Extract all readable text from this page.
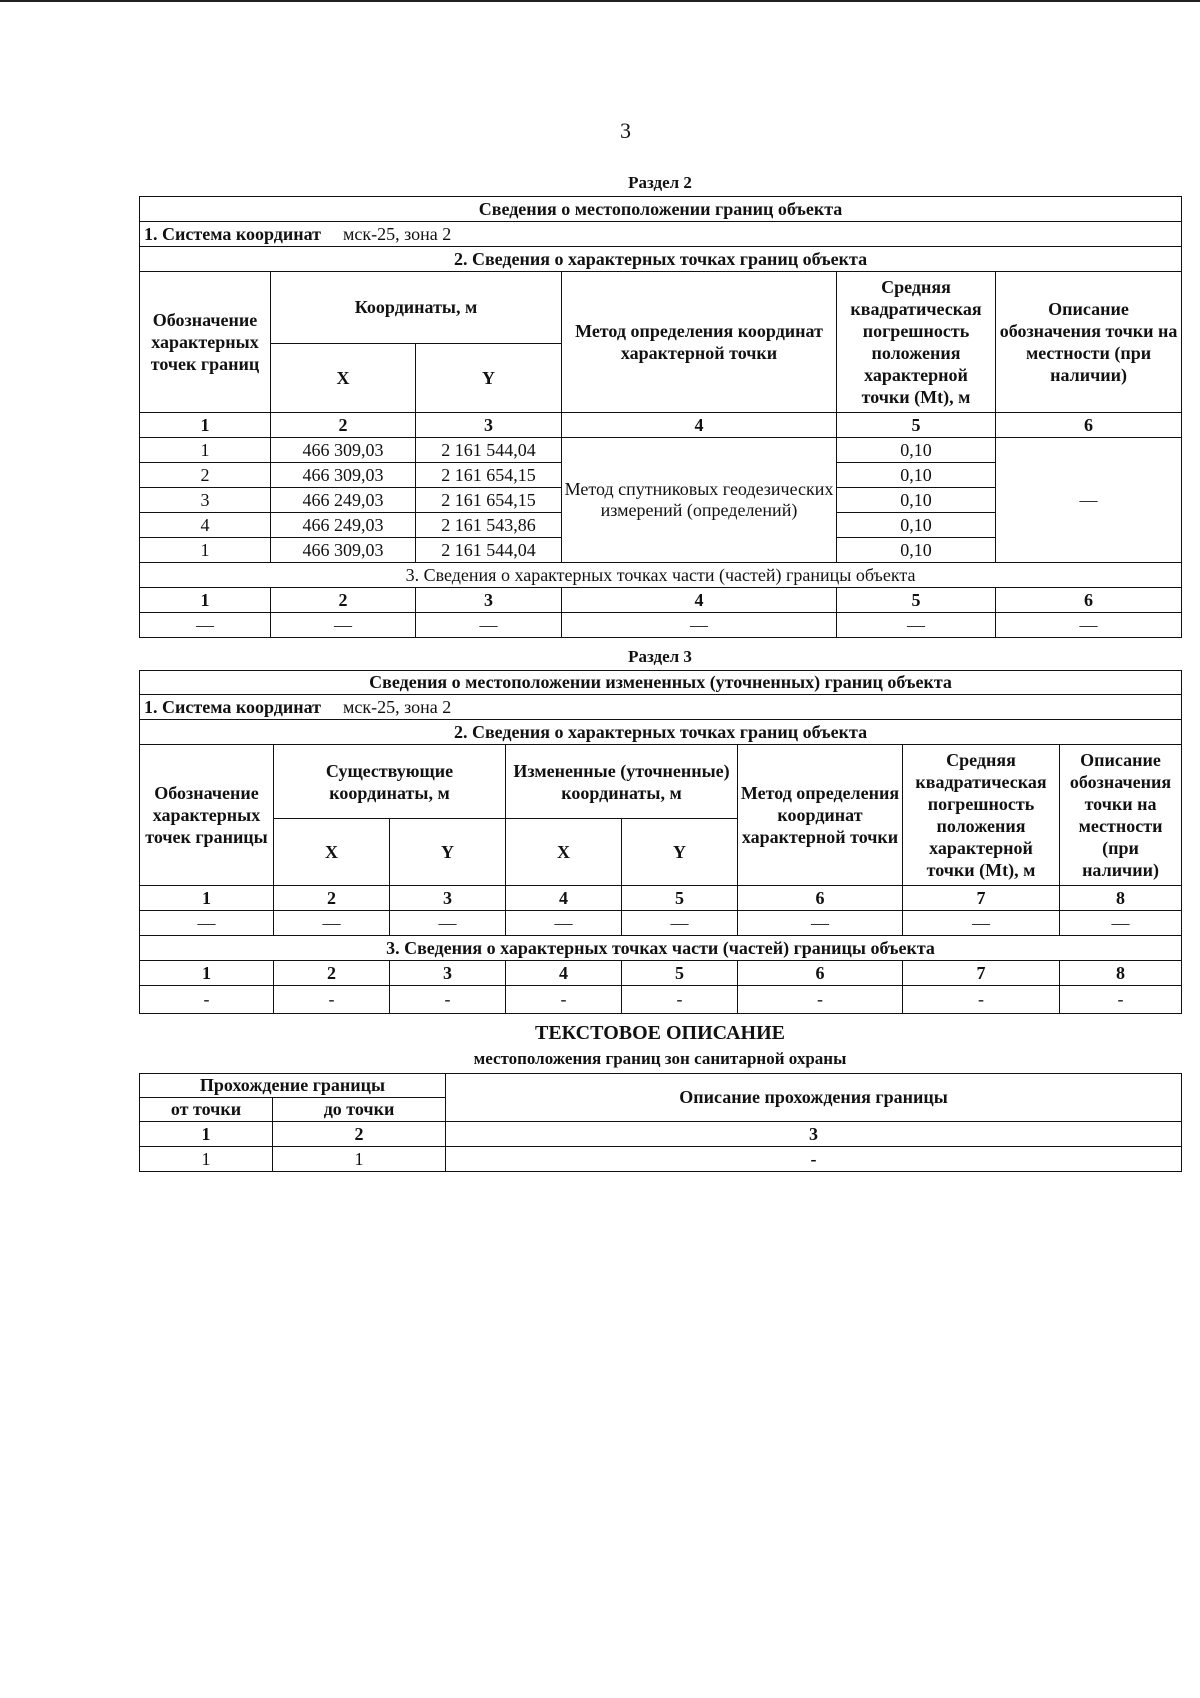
3
Раздел 2
Сведения о местоположении границ объекта					
1. Система координат мск-25, зона 2					
2. Сведения о характерных точках границ объекта					
Обозначение характерных точек границ	Координаты, м		Метод определения координат характерной точки	Средняя квадратическая погрешность положения характерной точки (Mt), м	Описание обозначения точки на местности (при наличии)
	X	Y			
1	2	3	4	5	6
1	466 309,03	2 161 544,04	Метод спутниковых геодезических измерений (определений)	0,10	—
2	466 309,03	2 161 654,15		0,10	
3	466 249,03	2 161 654,15		0,10	
4	466 249,03	2 161 543,86		0,10	
1	466 309,03	2 161 544,04		0,10	
3. Сведения о характерных точках части (частей) границы объекта					
1	2	3	4	5	6
—	—	—	—	—	—
Раздел 3
Сведения о местоположении измененных (уточненных) границ объекта							
1. Система координат мск-25, зона 2							
2. Сведения о характерных точках границ объекта							
Обозначение характерных точек границы	Существующие координаты, м		Измененные (уточненные) координаты, м		Метод определения координат характерной точки	Средняя квадратическая погрешность положения характерной точки (Mt), м	Описание обозначения точки на местности (при наличии)
	X	Y	X	Y			
1	2	3	4	5	6	7	8
—	—	—	—	—	—	—	—
3. Сведения о характерных точках части (частей) границы объекта							
1	2	3	4	5	6	7	8
-	-	-	-	-	-	-	-
ТЕКСТОВОЕ ОПИСАНИЕ
местоположения границ зон санитарной охраны
Прохождение границы		Описание прохождения границы
от точки	до точки	
1	2	3
1	1	-
